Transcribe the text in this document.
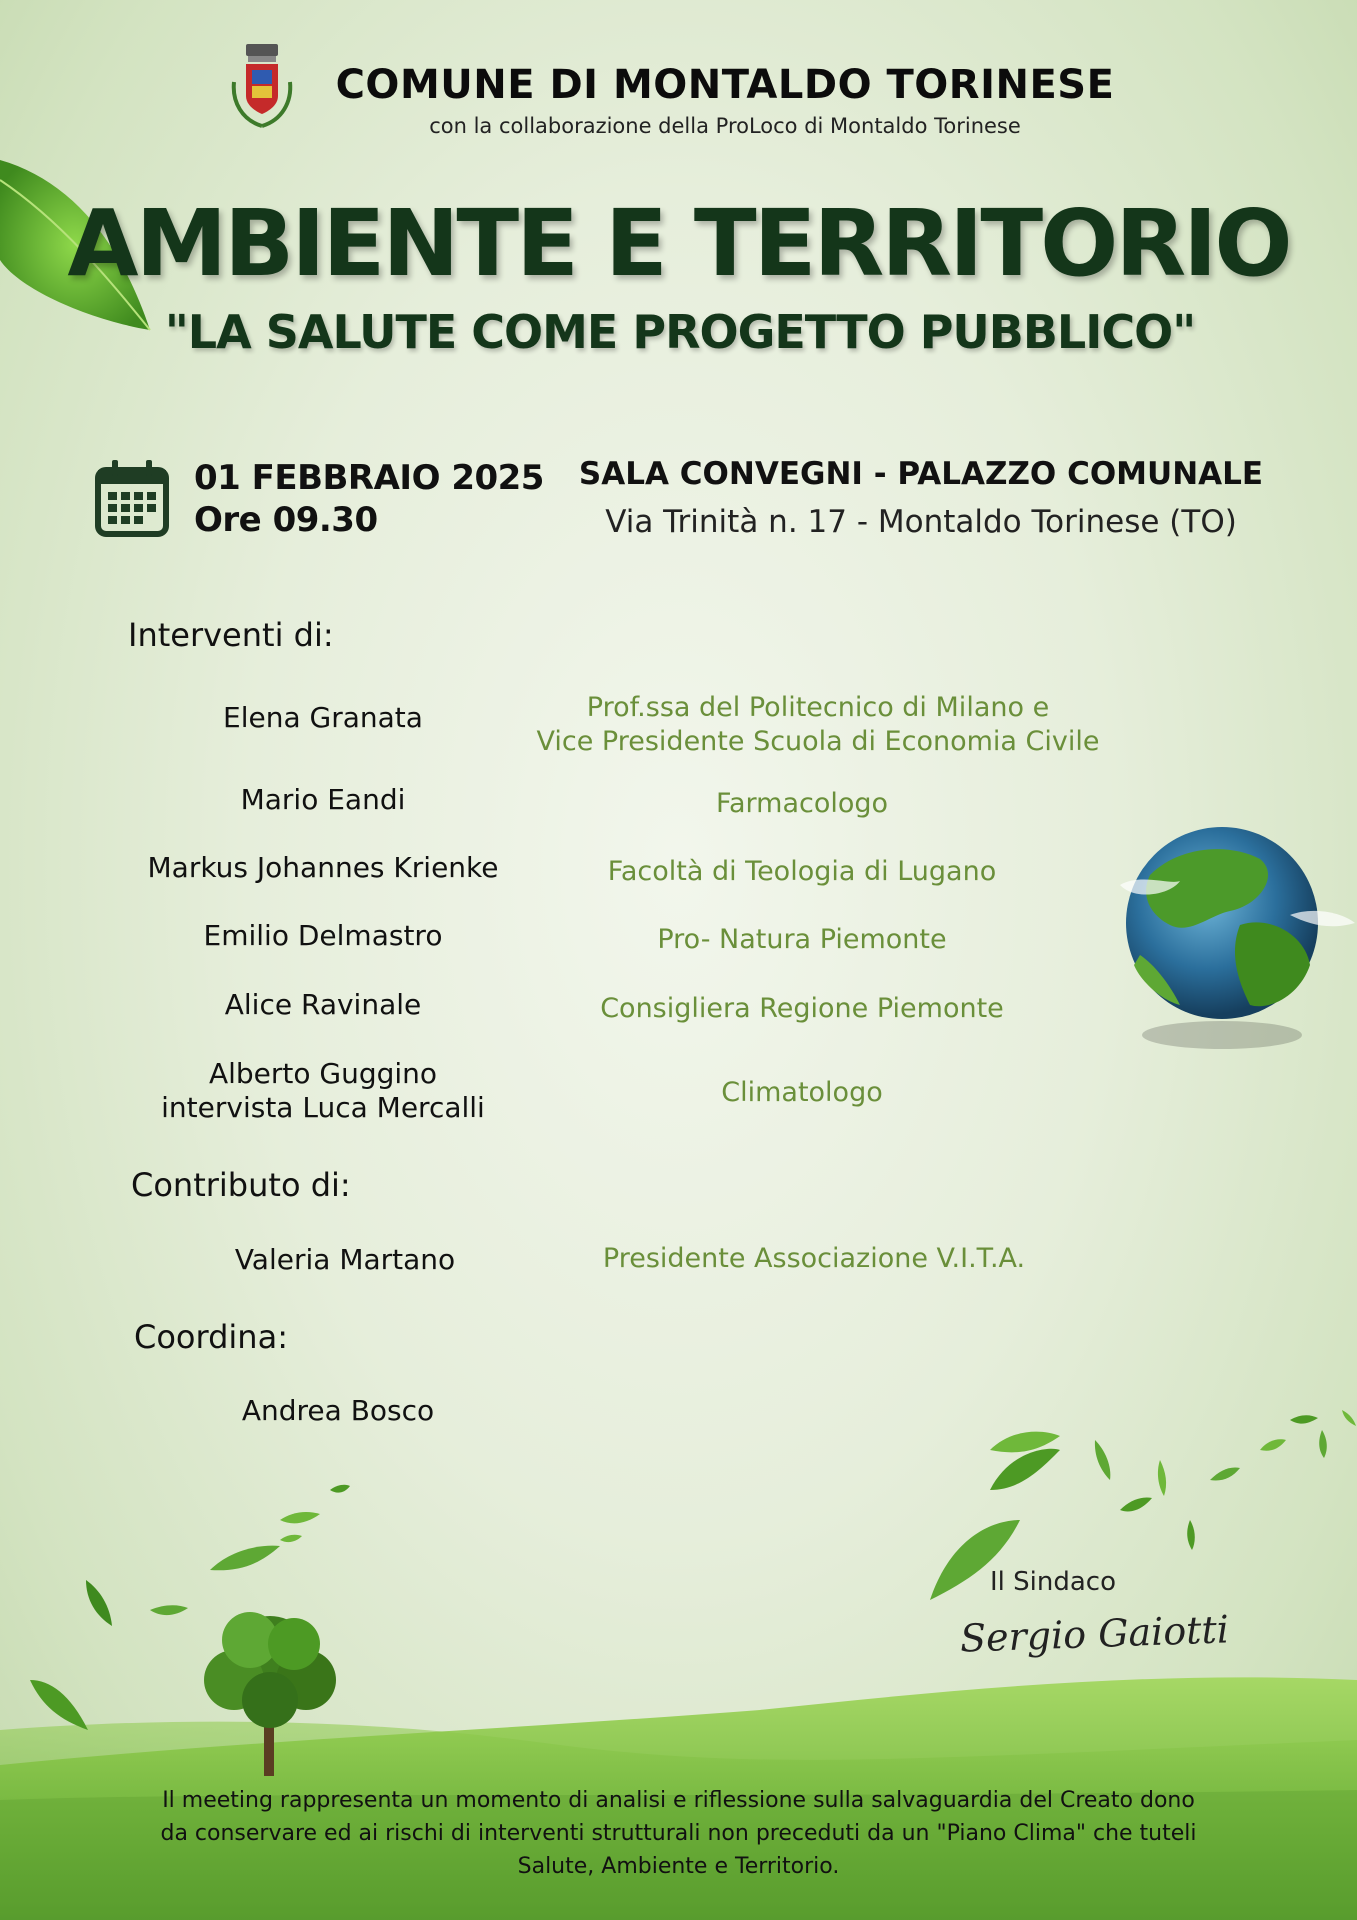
COMUNE DI MONTALDO TORINESE
con la collaborazione della ProLoco di Montaldo Torinese
AMBIENTE E TERRITORIO
"LA SALUTE COME PROGETTO PUBBLICO"
01 FEBBRAIO 2025
Ore 09.30
SALA CONVEGNI - PALAZZO COMUNALE
Via Trinità n. 17 - Montaldo Torinese (TO)
Interventi di:
Elena Granata	Prof.ssa del Politecnico di Milano e
Vice Presidente Scuola di Economia Civile
Mario Eandi	Farmacologo
Markus Johannes Krienke	Facoltà di Teologia di Lugano
Emilio Delmastro	Pro- Natura Piemonte
Alice Ravinale	Consigliera Regione Piemonte
Alberto Guggino
intervista Luca Mercalli	Climatologo
Contributo di:
Valeria Martano	Presidente Associazione V.I.T.A.
Coordina:
Andrea Bosco
Il Sindaco
Sergio Gaiotti
Il meeting rappresenta un momento di analisi e riflessione sulla salvaguardia del Creato dono
da conservare ed ai rischi di interventi strutturali non preceduti da un "Piano Clima" che tuteli
Salute, Ambiente e Territorio.
